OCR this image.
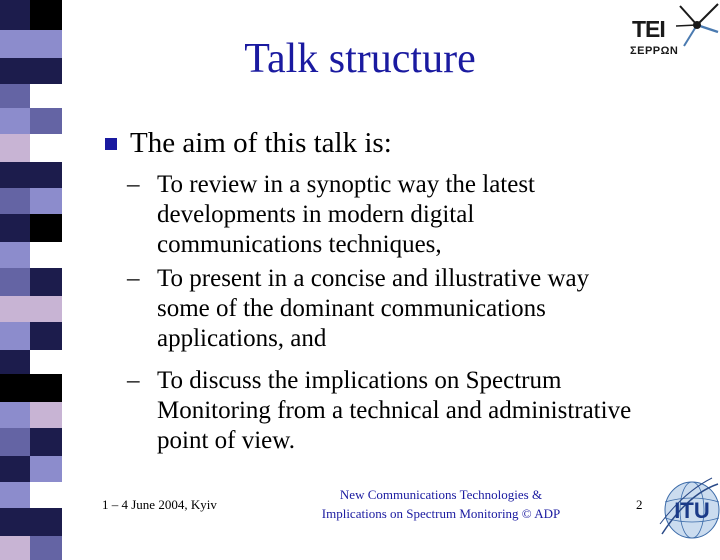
TEI
ΣΕΡΡΩΝ
Talk structure
The aim of this talk is:
– To review in a synoptic way the latest
developments in modern digital
communications techniques,
– To present in a concise and illustrative way
some of the dominant communications
applications, and
– To discuss the implications on Spectrum
Monitoring from a technical and administrative
point of view.
1 – 4 June 2004, Kyiv
New Communications Technologies &
Implications on Spectrum Monitoring © ADP
2 ITU
